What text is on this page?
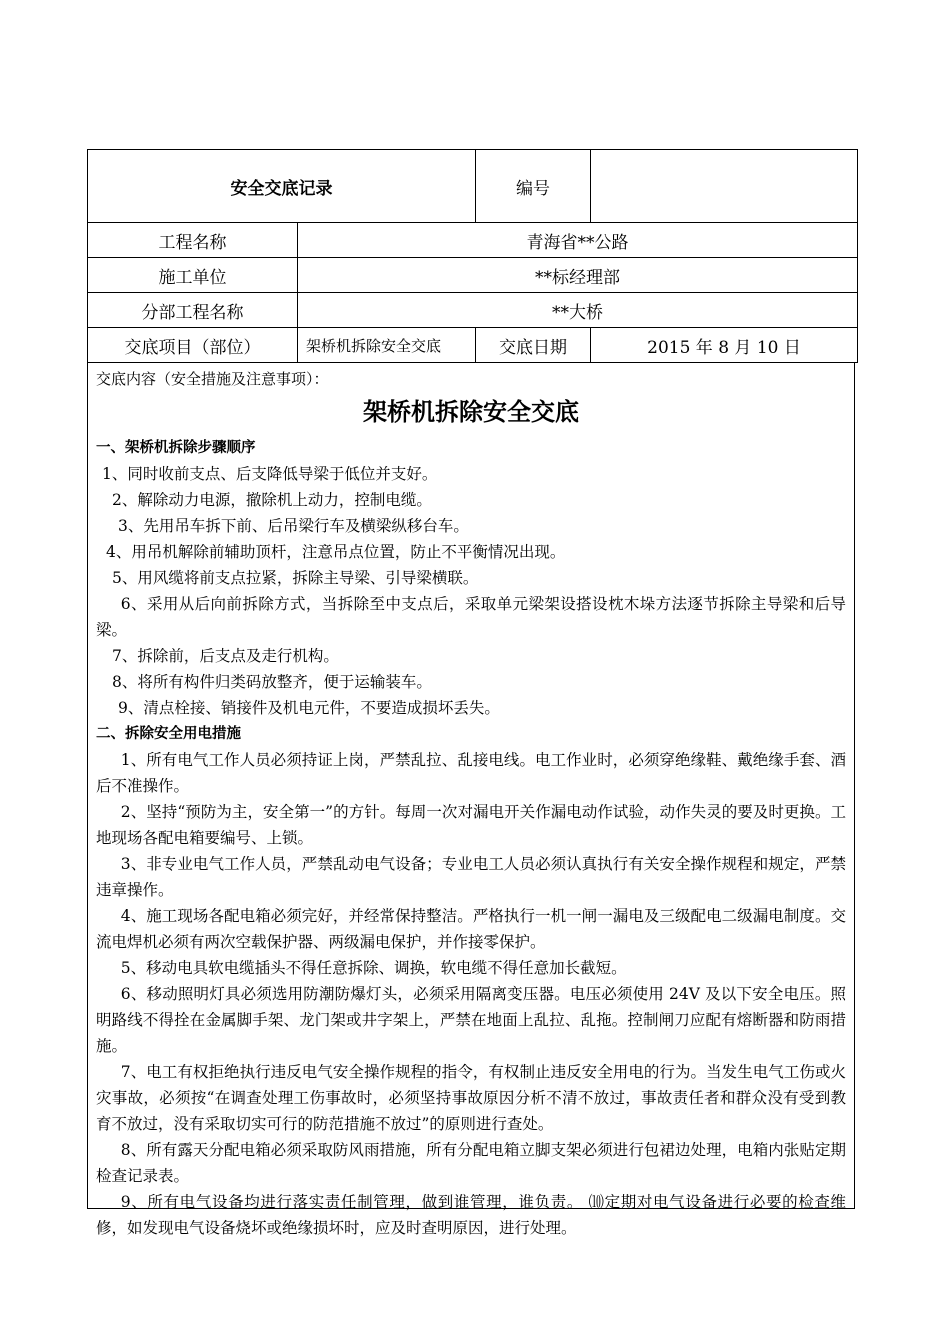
安全交底记录		编号	
工程名称	青海省**公路		
施工单位	**标经理部		
分部工程名称	**大桥		
交底项目（部位）	架桥机拆除安全交底	交底日期	2015 年 8 月 10 日
交底内容（安全措施及注意事项）：
架桥机拆除安全交底
一、架桥机拆除步骤顺序
1、同时收前支点、后支降低导梁于低位并支好。
2、解除动力电源，撤除机上动力，控制电缆。
3、先用吊车拆下前、后吊梁行车及横梁纵移台车。
4、用吊机解除前辅助顶杆，注意吊点位置，防止不平衡情况出现。
5、用风缆将前支点拉紧，拆除主导梁、引导梁横联。
6、采用从后向前拆除方式，当拆除至中支点后，采取单元梁架设搭设枕木垛方法逐节拆除主导梁和后导梁。
7、拆除前，后支点及走行机构。
8、将所有构件归类码放整齐，便于运输装车。
9、清点栓接、销接件及机电元件，不要造成损坏丢失。
二、拆除安全用电措施
1、所有电气工作人员必须持证上岗，严禁乱拉、乱接电线。电工作业时，必须穿绝缘鞋、戴绝缘手套、酒后不准操作。
2、坚持“预防为主，安全第一”的方针。每周一次对漏电开关作漏电动作试验，动作失灵的要及时更换。工地现场各配电箱要编号、上锁。
3、非专业电气工作人员，严禁乱动电气设备；专业电工人员必须认真执行有关安全操作规程和规定，严禁违章操作。
4、施工现场各配电箱必须完好，并经常保持整洁。严格执行一机一闸一漏电及三级配电二级漏电制度。交流电焊机必须有两次空载保护器、两级漏电保护，并作接零保护。
5、移动电具软电缆插头不得任意拆除、调换，软电缆不得任意加长截短。
6、移动照明灯具必须选用防潮防爆灯头，必须采用隔离变压器。电压必须使用 24V 及以下安全电压。照明路线不得拴在金属脚手架、龙门架或井字架上，严禁在地面上乱拉、乱拖。控制闸刀应配有熔断器和防雨措施。
7、电工有权拒绝执行违反电气安全操作规程的指令，有权制止违反安全用电的行为。当发生电气工伤或火灾事故，必须按“在调查处理工伤事故时，必须坚持事故原因分析不清不放过，事故责任者和群众没有受到教育不放过，没有采取切实可行的防范措施不放过”的原则进行查处。
8、所有露天分配电箱必须采取防风雨措施，所有分配电箱立脚支架必须进行包裙边处理，电箱内张贴定期检查记录表。
9、所有电气设备均进行落实责任制管理，做到谁管理，谁负责。 ⑽定期对电气设备进行必要的检查维修，如发现电气设备烧坏或绝缘损坏时，应及时查明原因，进行处理。
